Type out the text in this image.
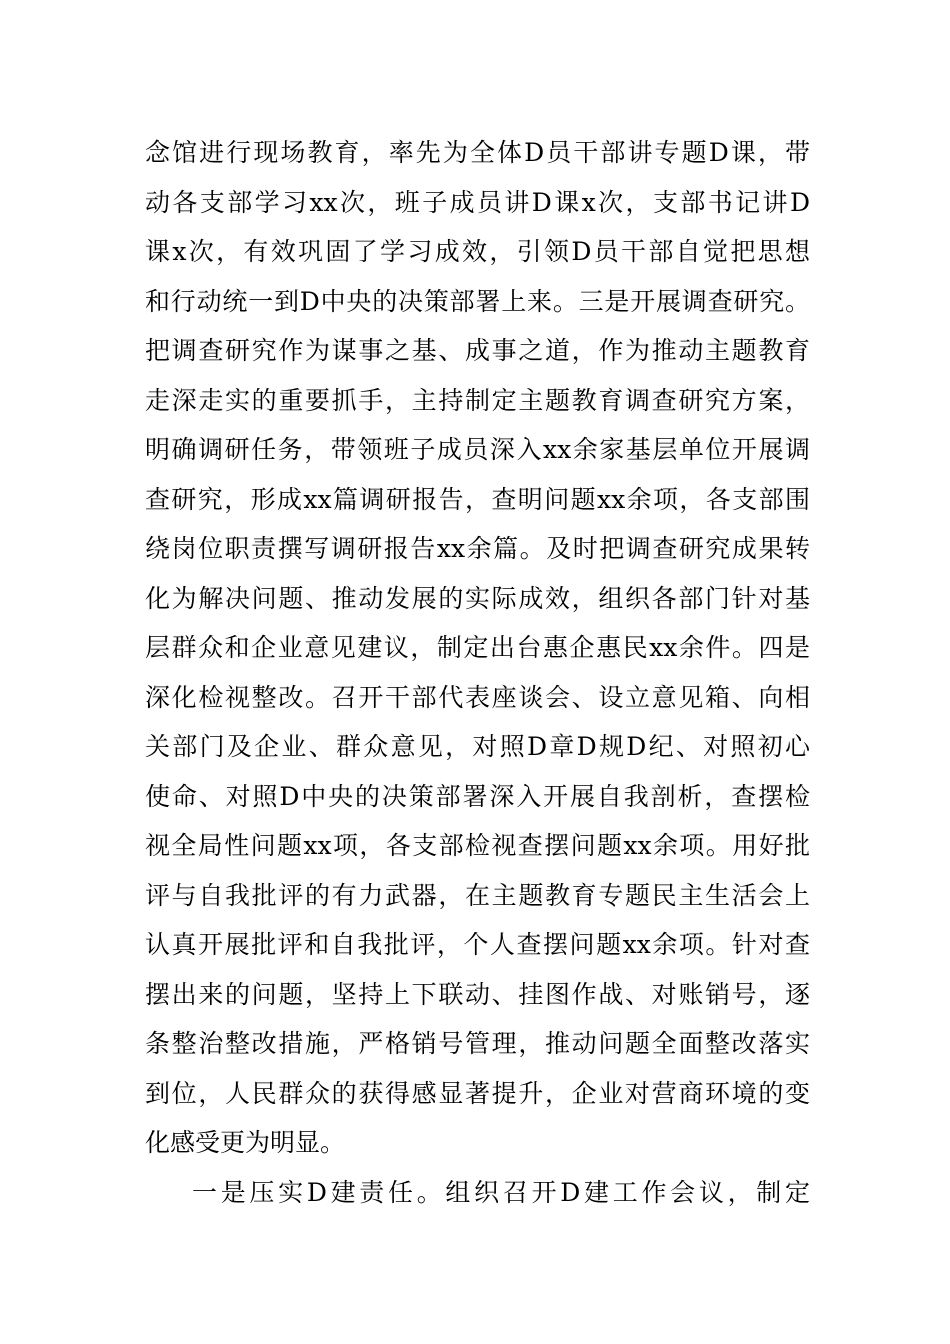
念馆进行现场教育，率先为全体D员干部讲专题D课，带
动各支部学习xx次，班子成员讲D课x次，支部书记讲D
课x次，有效巩固了学习成效，引领D员干部自觉把思想
和行动统一到D中央的决策部署上来。三是开展调查研究。
把调查研究作为谋事之基、成事之道，作为推动主题教育
走深走实的重要抓手，主持制定主题教育调查研究方案，
明确调研任务，带领班子成员深入xx余家基层单位开展调
查研究，形成xx篇调研报告，查明问题xx余项，各支部围
绕岗位职责撰写调研报告xx余篇。及时把调查研究成果转
化为解决问题、推动发展的实际成效，组织各部门针对基
层群众和企业意见建议，制定出台惠企惠民xx余件。四是
深化检视整改。召开干部代表座谈会、设立意见箱、向相
关部门及企业、群众意见，对照D章D规D纪、对照初心
使命、对照D中央的决策部署深入开展自我剖析，查摆检
视全局性问题xx项，各支部检视查摆问题xx余项。用好批
评与自我批评的有力武器，在主题教育专题民主生活会上
认真开展批评和自我批评，个人查摆问题xx余项。针对查
摆出来的问题，坚持上下联动、挂图作战、对账销号，逐
条整治整改措施，严格销号管理，推动问题全面整改落实
到位，人民群众的获得感显著提升，企业对营商环境的变
化感受更为明显。
一是压实D建责任。组织召开D建工作会议，制定
